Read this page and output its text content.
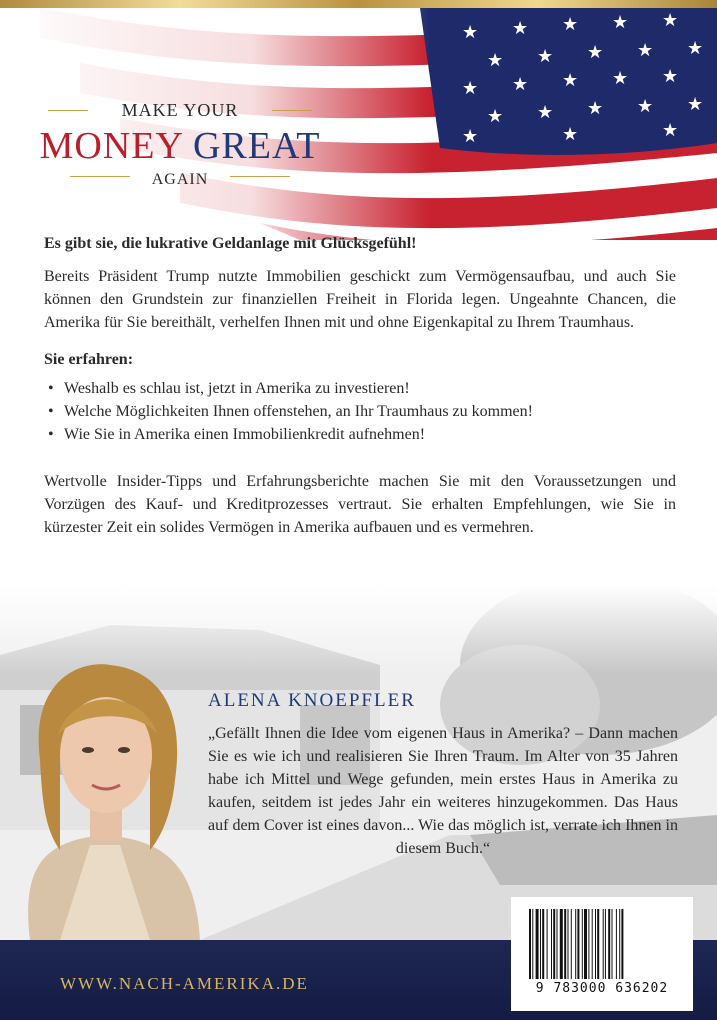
MAKE YOUR
MONEY GREAT
AGAIN
Es gibt sie, die lukrative Geldanlage mit Glücksgefühl!

Bereits Präsident Trump nutzte Immobilien geschickt zum Vermögensaufbau, und auch Sie können den Grundstein zur finanziellen Freiheit in Florida legen. Ungeahnte Chancen, die Amerika für Sie bereithält, verhelfen Ihnen mit und ohne Eigenkapital zu Ihrem Traumhaus.

Sie erfahren:
• Weshalb es schlau ist, jetzt in Amerika zu investieren!
• Welche Möglichkeiten Ihnen offenstehen, an Ihr Traumhaus zu kommen!
• Wie Sie in Amerika einen Immobilienkredit aufnehmen!

Wertvolle Insider-Tipps und Erfahrungsberichte machen Sie mit den Voraussetzungen und Vorzügen des Kauf- und Kreditprozesses vertraut. Sie erhalten Empfehlungen, wie Sie in kürzester Zeit ein solides Vermögen in Amerika aufbauen und es vermehren.

ALENA KNOEPFLER
„Gefällt Ihnen die Idee vom eigenen Haus in Amerika? – Dann machen Sie es wie ich und realisieren Sie Ihren Traum. Im Alter von 35 Jahren habe ich Mittel und Wege gefunden, mein erstes Haus in Amerika zu kaufen, seitdem ist jedes Jahr ein weiteres hinzugekommen. Das Haus auf dem Cover ist eines davon... Wie das möglich ist, verrate ich Ihnen in diesem Buch.“
WWW.NACH-AMERIKA.DE	9 783000 636202
